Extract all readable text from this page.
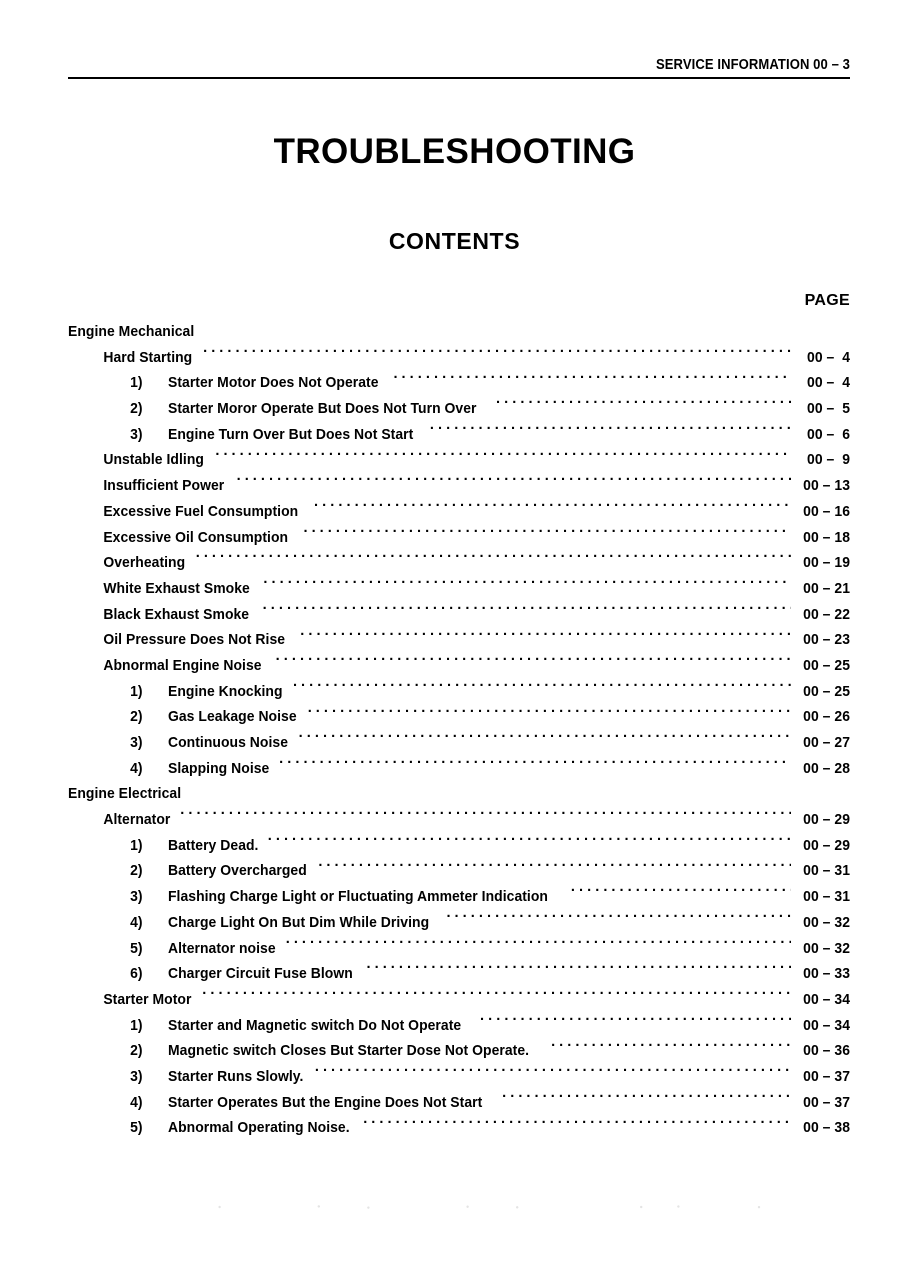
SERVICE INFORMATION 00 – 3
TROUBLESHOOTING
CONTENTS
PAGE
Engine Mechanical
Hard Starting . . .	00 –  4
1)	Starter Motor Does Not Operate . . .	00 –  4
2)	Starter Moror Operate But Does Not Turn Over . . .	00 –  5
3)	Engine Turn Over But Does Not Start . . .	00 –  6
Unstable Idling . . .	00 –  9
Insufficient Power . . .	00 – 13
Excessive Fuel Consumption . . .	00 – 16
Excessive Oil Consumption . . .	00 – 18
Overheating . . .	00 – 19
White Exhaust Smoke . . .	00 – 21
Black Exhaust Smoke . . .	00 – 22
Oil Pressure Does Not Rise . . .	00 – 23
Abnormal Engine Noise . . .	00 – 25
1)	Engine Knocking . . .	00 – 25
2)	Gas Leakage Noise . . .	00 – 26
3)	Continuous Noise . . .	00 – 27
4)	Slapping Noise . . .	00 – 28
Engine Electrical
Alternator . . .	00 – 29
1)	Battery Dead. . . .	00 – 29
2)	Battery Overcharged . . .	00 – 31
3)	Flashing Charge Light or Fluctuating Ammeter Indication . . .	00 – 31
4)	Charge Light On But Dim While Driving . . .	00 – 32
5)	Alternator noise . . .	00 – 32
6)	Charger Circuit Fuse Blown . . .	00 – 33
Starter Motor . . .	00 – 34
1)	Starter and Magnetic switch Do Not Operate . . .	00 – 34
2)	Magnetic switch Closes But Starter Dose Not Operate. . . .	00 – 36
3)	Starter Runs Slowly. . . .	00 – 37
4)	Starter Operates But the Engine Does Not Start . . .	00 – 37
5)	Abnormal Operating Noise. . . .	00 – 38
